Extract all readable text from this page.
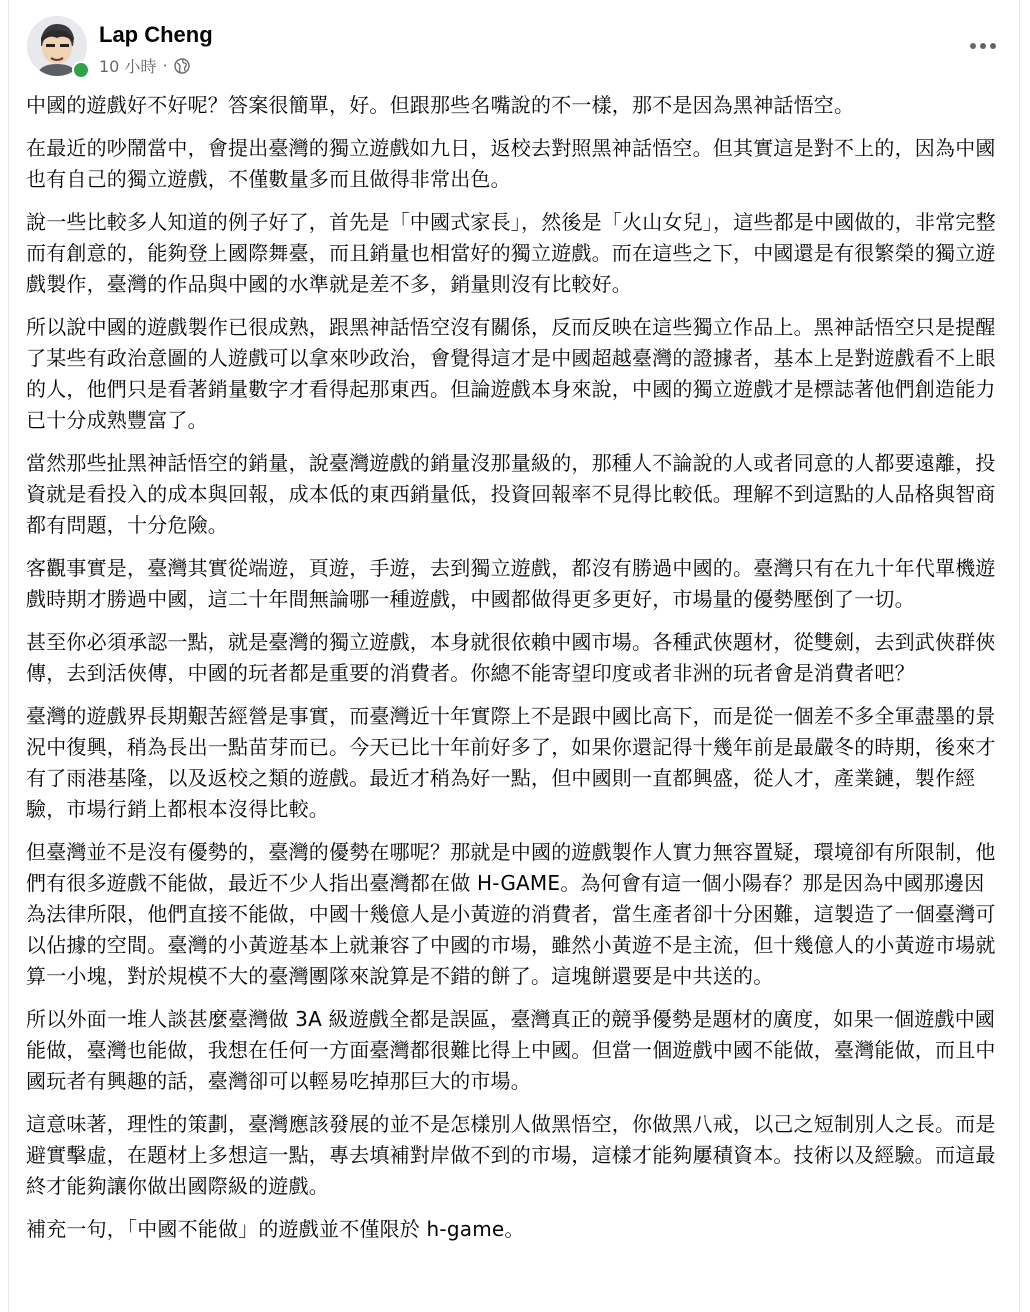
Lap Cheng
10 小時 ·

中國的遊戲好不好呢？答案很簡單，好。但跟那些名嘴說的不一樣，那不是因為黑神話悟空。

在最近的吵鬧當中，會提出臺灣的獨立遊戲如九日，返校去對照黑神話悟空。但其實這是對不上的，因為中國也有自己的獨立遊戲，不僅數量多而且做得非常出色。

說一些比較多人知道的例子好了，首先是「中國式家長」，然後是「火山女兒」，這些都是中國做的，非常完整而有創意的，能夠登上國際舞臺，而且銷量也相當好的獨立遊戲。而在這些之下，中國還是有很繁榮的獨立遊戲製作，臺灣的作品與中國的水準就是差不多，銷量則沒有比較好。

所以說中國的遊戲製作已很成熟，跟黑神話悟空沒有關係，反而反映在這些獨立作品上。黑神話悟空只是提醒了某些有政治意圖的人遊戲可以拿來吵政治，會覺得這才是中國超越臺灣的證據者，基本上是對遊戲看不上眼的人，他們只是看著銷量數字才看得起那東西。但論遊戲本身來說，中國的獨立遊戲才是標誌著他們創造能力已十分成熟豐富了。

當然那些扯黑神話悟空的銷量，說臺灣遊戲的銷量沒那量級的，那種人不論說的人或者同意的人都要遠離，投資就是看投入的成本與回報，成本低的東西銷量低，投資回報率不見得比較低。理解不到這點的人品格與智商都有問題，十分危險。

客觀事實是，臺灣其實從端遊，頁遊，手遊，去到獨立遊戲，都沒有勝過中國的。臺灣只有在九十年代單機遊戲時期才勝過中國，這二十年間無論哪一種遊戲，中國都做得更多更好，市場量的優勢壓倒了一切。

甚至你必須承認一點，就是臺灣的獨立遊戲，本身就很依賴中國市場。各種武俠題材，從雙劍，去到武俠群俠傳，去到活俠傳，中國的玩者都是重要的消費者。你總不能寄望印度或者非洲的玩者會是消費者吧？

臺灣的遊戲界長期艱苦經營是事實，而臺灣近十年實際上不是跟中國比高下，而是從一個差不多全軍盡墨的景況中復興，稍為長出一點苗芽而已。今天已比十年前好多了，如果你還記得十幾年前是最嚴冬的時期，後來才有了雨港基隆，以及返校之類的遊戲。最近才稍為好一點，但中國則一直都興盛，從人才，產業鏈，製作經驗，市場行銷上都根本沒得比較。

但臺灣並不是沒有優勢的，臺灣的優勢在哪呢？那就是中國的遊戲製作人實力無容置疑，環境卻有所限制，他們有很多遊戲不能做，最近不少人指出臺灣都在做 H-GAME。為何會有這一個小陽春？那是因為中國那邊因為法律所限，他們直接不能做，中國十幾億人是小黃遊的消費者，當生產者卻十分困難，這製造了一個臺灣可以佔據的空間。臺灣的小黃遊基本上就兼容了中國的市場，雖然小黃遊不是主流，但十幾億人的小黃遊市場就算一小塊，對於規模不大的臺灣團隊來說算是不錯的餅了。這塊餅還要是中共送的。

所以外面一堆人談甚麼臺灣做 3A 級遊戲全都是誤區，臺灣真正的競爭優勢是題材的廣度，如果一個遊戲中國能做，臺灣也能做，我想在任何一方面臺灣都很難比得上中國。但當一個遊戲中國不能做，臺灣能做，而且中國玩者有興趣的話，臺灣卻可以輕易吃掉那巨大的市場。

這意味著，理性的策劃，臺灣應該發展的並不是怎樣別人做黑悟空，你做黑八戒，以己之短制別人之長。而是避實擊虛，在題材上多想這一點，專去填補對岸做不到的市場，這樣才能夠屢積資本。技術以及經驗。而這最終才能夠讓你做出國際級的遊戲。

補充一句，「中國不能做」的遊戲並不僅限於 h-game。
